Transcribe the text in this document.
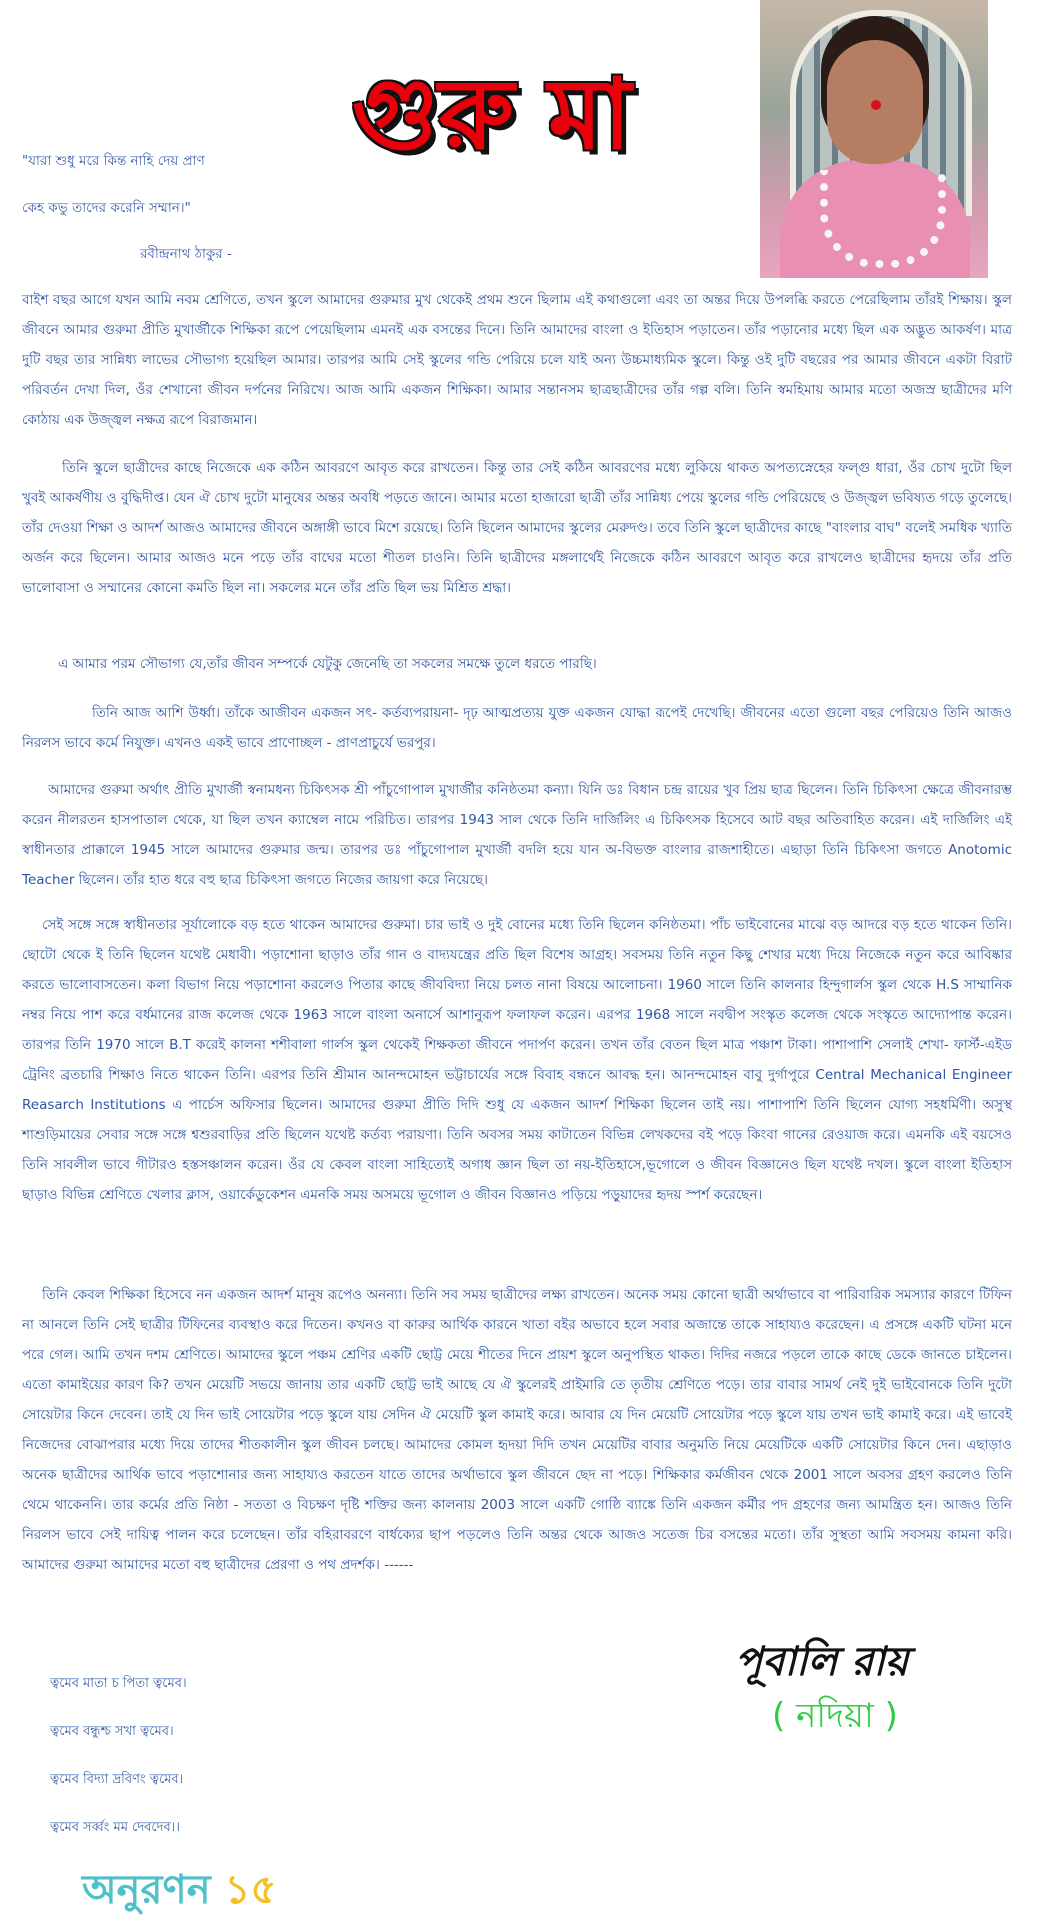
গুরু মা
"যারা শুধু মরে কিন্ত নাহি দেয় প্রাণ
কেহ কভু তাদের করেনি সম্মান।"
রবীন্দ্রনাথ ঠাকুর -
বাইশ বছর আগে যখন আমি নবম শ্রেণিতে, তখন স্কুলে আমাদের গুরুমার মুখ থেকেই প্রথম শুনে ছিলাম এই কথাগুলো এবং তা অন্তর দিয়ে উপলব্ধি করতে পেরেছিলাম তাঁরই শিক্ষায়। স্কুল জীবনে আমার গুরুমা প্রীতি মুখার্জীকে শিক্ষিকা রূপে পেয়েছিলাম এমনই এক বসন্তের দিনে। তিনি আমাদের বাংলা ও ইতিহাস পড়াতেন। তাঁর পড়ানোর মধ্যে ছিল এক অদ্ভুত আকর্ষণ। মাত্র দুটি বছর তার সান্নিধ্য লাভের সৌভাগ্য হয়েছিল আমার। তারপর আমি সেই স্কুলের গন্ডি পেরিয়ে চলে যাই অন্য উচ্চমাধ্যমিক স্কুলে। কিন্তু ওই দুটি বছরের পর আমার জীবনে একটা বিরাট পরিবর্তন দেখা দিল, ওঁর শেখানো জীবন দর্পনের নিরিখে। আজ আমি একজন শিক্ষিকা। আমার সন্তানসম ছাত্রছাত্রীদের তাঁর গল্প বলি। তিনি স্বমহিমায় আমার মতো অজস্র ছাত্রীদের মণি কোঠায় এক উজ্জ্বল নক্ষত্র রূপে বিরাজমান।
তিনি স্কুলে ছাত্রীদের কাছে নিজেকে এক কঠিন আবরণে আবৃত করে রাখতেন। কিন্তু তার সেই কঠিন আবরণের মধ্যে লুকিয়ে থাকত অপত্যস্নেহের ফল্গু ধারা, ওঁর চোখ দুটো ছিল খুবই আকর্ষণীয় ও বুদ্ধিদীপ্ত। যেন ঐ চোখ দুটো মানুষের অন্তর অবধি পড়তে জানে। আমার মতো হাজারো ছাত্রী তাঁর সান্নিধ্য পেয়ে স্কুলের গন্ডি পেরিয়েছে ও উজ্জ্বল ভবিষ্যত গড়ে তুলেছে। তাঁর দেওয়া শিক্ষা ও আদর্শ আজও আমাদের জীবনে অঙ্গাঙ্গী ভাবে মিশে রয়েছে। তিনি ছিলেন আমাদের স্কুলের মেরুদণ্ড। তবে তিনি স্কুলে ছাত্রীদের কাছে "বাংলার বাঘ" বলেই সমধিক খ্যাতি অর্জন করে ছিলেন। আমার আজও মনে পড়ে তাঁর বাঘের মতো শীতল চাওনি। তিনি ছাত্রীদের মঙ্গলার্থেই নিজেকে কঠিন আবরণে আবৃত করে রাখলেও ছাত্রীদের হৃদয়ে তাঁর প্রতি ভালোবাসা ও সম্মানের কোনো কমতি ছিল না। সকলের মনে তাঁর প্রতি ছিল ভয় মিশ্রিত শ্রদ্ধা।
এ আমার পরম সৌভাগ্য যে,তাঁর জীবন সম্পর্কে যেটুকু জেনেছি তা সকলের সমক্ষে তুলে ধরতে পারছি।
তিনি আজ আশি উর্ধ্বা। তাঁকে আজীবন একজন সৎ- কর্তব্যপরায়না- দৃঢ় আত্মপ্রত্যয় যুক্ত একজন যোদ্ধা রূপেই দেখেছি। জীবনের এতো গুলো বছর পেরিয়েও তিনি আজও নিরলস ভাবে কর্মে নিযুক্ত। এখনও একই ভাবে প্রাণোচ্ছল - প্রাণপ্রাচুর্যে ভরপুর।
আমাদের গুরুমা অর্থাৎ প্রীতি মুখার্জী স্বনামধন্য চিকিৎসক শ্রী পাঁচুগোপাল মুখার্জীর কনিষ্ঠতমা কন্যা। যিনি ডঃ বিধান চন্দ্র রায়ের খুব প্রিয় ছাত্র ছিলেন। তিনি চিকিৎসা ক্ষেত্রে জীবনারম্ভ করেন নীলরতন হাসপাতাল থেকে, যা ছিল তখন ক্যাম্বেল নামে পরিচিত। তারপর 1943 সাল থেকে তিনি দার্জিলিং এ চিকিৎসক হিসেবে আট বছর অতিবাহিত করেন। এই দার্জিলিং এই স্বাধীনতার প্রাক্কালে 1945 সালে আমাদের গুরুমার জন্ম। তারপর ডঃ পাঁচুগোপাল মুখার্জী বদলি হয়ে যান অ-বিভক্ত বাংলার রাজশাহীতে। এছাড়া তিনি চিকিৎসা জগতে Anotomic Teacher ছিলেন। তাঁর হাত ধরে বহু ছাত্র চিকিৎসা জগতে নিজের জায়গা করে নিয়েছে।
সেই সঙ্গে সঙ্গে স্বাধীনতার সূর্যালোকে বড় হতে থাকেন আমাদের গুরুমা। চার ভাই ও দুই বোনের মধ্যে তিনি ছিলেন কনিষ্ঠতমা। পাঁচ ভাইবোনের মাঝে বড় আদরে বড় হতে থাকেন তিনি। ছোটো থেকে ই তিনি ছিলেন যথেষ্ট মেধাবী। পড়াশোনা ছাড়াও তাঁর গান ও বাদ্যযন্ত্রের প্রতি ছিল বিশেষ আগ্রহ। সবসময় তিনি নতুন কিছু শেখার মধ্যে দিয়ে নিজেকে নতুন করে আবিষ্কার করতে ভালোবাসতেন। কলা বিভাগ নিয়ে পড়াশোনা করলেও পিতার কাছে জীববিদ্যা নিয়ে চলত নানা বিষয়ে আলোচনা। 1960 সালে তিনি কালনার হিন্দুগার্লস স্কুল থেকে H.S সাম্মানিক নম্বর নিয়ে পাশ করে বর্ধমানের রাজ কলেজ থেকে 1963 সালে বাংলা অনার্সে আশানুরূপ ফলাফল করেন। এরপর 1968 সালে নবদ্বীপ সংস্কৃত কলেজ থেকে সংস্কৃতে আদ্যোপান্ত করেন। তারপর তিনি 1970 সালে B.T করেই কালনা শশীবালা গার্লস স্কুল থেকেই শিক্ষকতা জীবনে পদার্পণ করেন। তখন তাঁর বেতন ছিল মাত্র পঞ্চাশ টাকা। পাশাপাশি সেলাই শেখা- ফার্স্ট-এইড ট্রেনিং ব্রতচারি শিক্ষাও নিতে থাকেন তিনি। এরপর তিনি শ্রীমান আনন্দমোহন ভট্টাচার্যের সঙ্গে বিবাহ বন্ধনে আবদ্ধ হন। আনন্দমোহন বাবু দুর্গাপুরে Central Mechanical Engineer Reasarch Institutions এ পার্চেস অফিসার ছিলেন। আমাদের গুরুমা প্রীতি দিদি শুধু যে একজন আদর্শ শিক্ষিকা ছিলেন তাই নয়। পাশাপাশি তিনি ছিলেন যোগ্য সহধর্মিণী। অসুস্থ শাশুড়িমায়ের সেবার সঙ্গে সঙ্গে শ্বশুরবাড়ির প্রতি ছিলেন যথেষ্ট কর্তব্য পরায়ণা। তিনি অবসর সময় কাটাতেন বিভিন্ন লেখকদের বই পড়ে কিংবা গানের রেওয়াজ করে। এমনকি এই বয়সেও তিনি সাবলীল ভাবে গীটারও হস্তসঞ্চালন করেন। ওঁর যে কেবল বাংলা সাহিত্যেই অগাধ জ্ঞান ছিল তা নয়-ইতিহাসে,ভূগোলে ও জীবন বিজ্ঞানেও ছিল যথেষ্ট দখল। স্কুলে বাংলা ইতিহাস ছাড়াও বিভিন্ন শ্রেণিতে খেলার ক্লাস, ওয়ার্কেডুকেশন এমনকি সময় অসময়ে ভূগোল ও জীবন বিজ্ঞানও পড়িয়ে পড়ুয়াদের হৃদয় স্পর্শ করেছেন।
তিনি কেবল শিক্ষিকা হিসেবে নন একজন আদর্শ মানুষ রূপেও অনন্যা। তিনি সব সময় ছাত্রীদের লক্ষ্য রাখতেন। অনেক সময় কোনো ছাত্রী অর্থাভাবে বা পারিবারিক সমস্যার কারণে টিফিন না আনলে তিনি সেই ছাত্রীর টিফিনের ব্যবস্থাও করে দিতেন। কখনও বা কারুর আর্থিক কারনে খাতা বইর অভাবে হলে সবার অজান্তে তাকে সাহায্যও করেছেন। এ প্রসঙ্গে একটি ঘটনা মনে পরে গেল। আমি তখন দশম শ্রেণিতে। আমাদের স্কুলে পঞ্চম শ্রেণির একটি ছোট্ট মেয়ে শীতের দিনে প্রায়শ স্কুলে অনুপস্থিত থাকত। দিদির নজরে পড়লে তাকে কাছে ডেকে জানতে চাইলেন। এতো কামাইয়ের কারণ কি? তখন মেয়েটি সভয়ে জানায় তার একটি ছোট্ট ভাই আছে যে ঐ স্কুলেরই প্রাইমারি তে তৃতীয় শ্রেণিতে পড়ে। তার বাবার সামর্থ নেই দুই ভাইবোনকে তিনি দুটো সোয়েটার কিনে দেবেন। তাই যে দিন ভাই সোয়েটার পড়ে স্কুলে যায় সেদিন ঐ মেয়েটি স্কুল কামাই করে। আবার যে দিন মেয়েটি সোয়েটার পড়ে স্কুলে যায় তখন ভাই কামাই করে। এই ভাবেই নিজেদের বোঝাপরার মধ্যে দিয়ে তাদের শীতকালীন স্কুল জীবন চলছে। আমাদের কোমল হৃদয়া দিদি তখন মেয়েটির বাবার অনুমতি নিয়ে মেয়েটিকে একটি সোয়েটার কিনে দেন। এছাড়াও অনেক ছাত্রীদের আর্থিক ভাবে পড়াশোনার জন্য সাহায্যও করতেন যাতে তাদের অর্থাভাবে স্কুল জীবনে ছেদ না পড়ে। শিক্ষিকার কর্মজীবন থেকে 2001 সালে অবসর গ্রহণ করলেও তিনি থেমে থাকেননি। তার কর্মের প্রতি নিষ্ঠা - সততা ও বিচক্ষণ দৃষ্টি শক্তির জন্য কালনায় 2003 সালে একটি গোষ্ঠি ব্যাঙ্কে তিনি একজন কর্মীর পদ গ্রহণের জন্য আমন্ত্রিত হন। আজও তিনি নিরলস ভাবে সেই দায়িত্ব পালন করে চলেছেন। তাঁর বহিরাবরণে বার্ধক্যের ছাপ পড়লেও তিনি অন্তর থেকে আজও সতেজ চির বসন্তের মতো। তাঁর সুস্থতা আমি সবসময় কামনা করি। আমাদের গুরুমা আমাদের মতো বহু ছাত্রীদের প্রেরণা ও পথ প্রদর্শক। ------
পূবালি রায়
( নদিয়া )
ত্বমেব মাতা চ পিতা ত্বমেব।
ত্বমেব বন্ধুশ্চ সখা ত্বমেব।
ত্বমেব বিদ্যা দ্রবিণং ত্বমেব।
ত্বমেব সর্ব্বং মম দেবদেব।।
অনুরণন ১৫
